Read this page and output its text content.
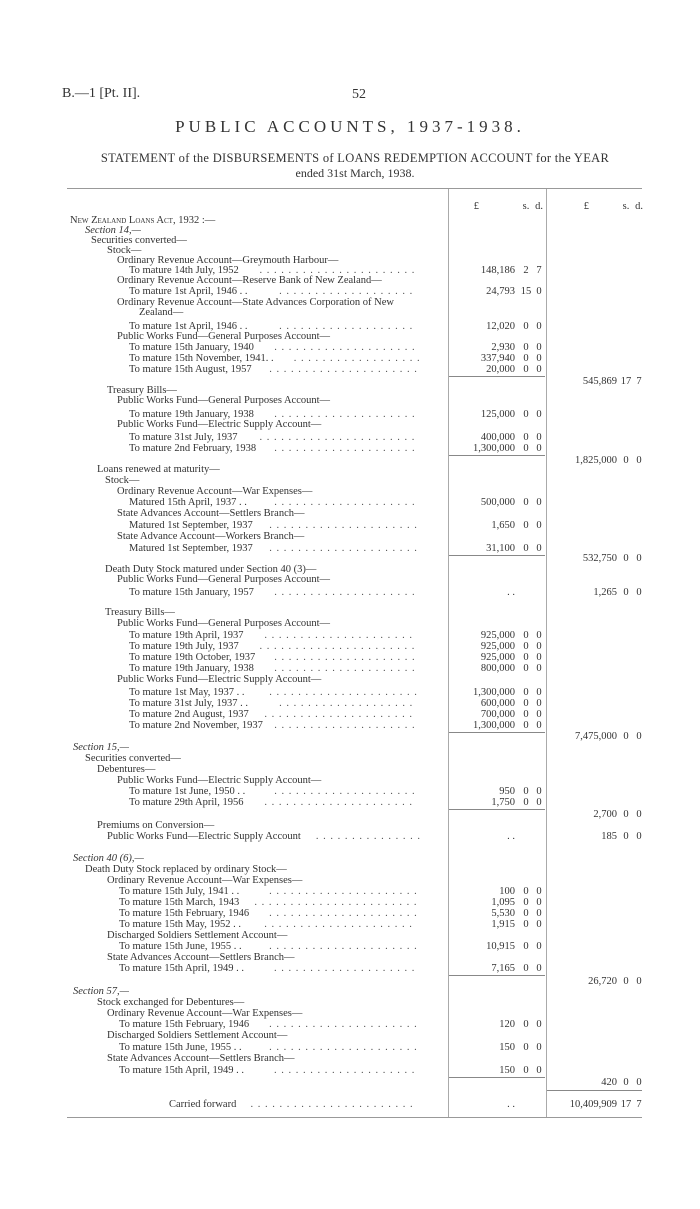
B.—1 [Pt. II].	52
PUBLIC ACCOUNTS, 1937-1938.
STATEMENT of the DISBURSEMENTS of LOANS REDEMPTION ACCOUNT for the YEAR
ended 31st March, 1938.
£	s. d.	£	s. d.
New Zealand Loans Act, 1932 :—
Section 14,—
Securities converted—
Stock—
Ordinary Revenue Account—Greymouth Harbour—
To mature 14th July, 1952 . . . . . . . . . . . . . . . . . . . . . .	148,186 2 7
Ordinary Revenue Account—Reserve Bank of New Zealand—
To mature 1st April, 1946 . .	. . . . . . . . . . . . . . . . . . .	24,793 15 0
Ordinary Revenue Account—State Advances Corporation of New
Zealand—
To mature 1st April, 1946 . .	. . . . . . . . . . . . . . . . . . .	12,020 0 0
Public Works Fund—General Purposes Account—
To mature 15th January, 1940 . . . . . . . . . . . . . . . . . . . .	2,930 0 0
To mature 15th November, 1941. . . . . . . . . . . . . . . . . . . .	337,940 0 0
To mature 15th August, 1957 . . . . . . . . . . . . . . . . . . . . .	20,000 0 0
545,869 17 7
Treasury Bills—
Public Works Fund—General Purposes Account—
To mature 19th January, 1938 . . . . . . . . . . . . . . . . . . . .	125,000 0 0
Public Works Fund—Electric Supply Account—
To mature 31st July, 1937 . . . . . . . . . . . . . . . . . . . . . .	400,000 0 0
To mature 2nd February, 1938 . . . . . . . . . . . . . . . . . . . .	1,300,000 0 0
1,825,000 0 0
Loans renewed at maturity—
Stock—
Ordinary Revenue Account—War Expenses—
Matured 15th April, 1937 . .	. . . . . . . . . . . . . . . . . . . .	500,000 0 0
State Advances Account—Settlers Branch—
Matured 1st September, 1937 . . . . . . . . . . . . . . . . . . . . .	1,650 0 0
State Advance Account—Workers Branch—
Matured 1st September, 1937 . . . . . . . . . . . . . . . . . . . . .	31,100 0 0
532,750 0 0
Death Duty Stock matured under Section 40 (3)—
Public Works Fund—General Purposes Account—
To mature 15th January, 1957 . . . . . . . . . . . . . . . . . . . .	. .	1,265 0 0
Treasury Bills—
Public Works Fund—General Purposes Account—
To mature 19th April, 1937 . . . . . . . . . . . . . . . . . . . . .	925,000 0 0
To mature 19th July, 1937 . . . . . . . . . . . . . . . . . . . . . .	925,000 0 0
To mature 19th October, 1937 . . . . . . . . . . . . . . . . . . . .	925,000 0 0
To mature 19th January, 1938 . . . . . . . . . . . . . . . . . . . .	800,000 0 0
Public Works Fund—Electric Supply Account—
To mature 1st May, 1937 . . . . . . . . . . . . . . . . . . . . . . .	1,300,000 0 0
To mature 31st July, 1937 . .	. . . . . . . . . . . . . . . . . . .	600,000 0 0
To mature 2nd August, 1937 . . . . . . . . . . . . . . . . . . . . .	700,000 0 0
To mature 2nd November, 1937 . . . . . . . . . . . . . . . . . . . .	1,300,000 0 0
7,475,000 0 0
Section 15,—
Securities converted—
Debentures—
Public Works Fund—Electric Supply Account—
To mature 1st June, 1950 . .	. . . . . . . . . . . . . . . . . . . .	950 0 0
To mature 29th April, 1956 . . . . . . . . . . . . . . . . . . . . .	1,750 0 0
2,700 0 0
Premiums on Conversion—
Public Works Fund—Electric Supply Account . . . . . . . . . . . . . . .	. .	185 0 0
Section 40 (6),—
Death Duty Stock replaced by ordinary Stock—
Ordinary Revenue Account—War Expenses—
To mature 15th July, 1941 . .	. . . . . . . . . . . . . . . . . . . . .	100 0 0
To mature 15th March, 1943 . . . . . . . . . . . . . . . . . . . . . . .	1,095 0 0
To mature 15th February, 1946 . . . . . . . . . . . . . . . . . . . . .	5,530 0 0
To mature 15th May, 1952 . . . . . . . . . . . . . . . . . . . . . . .	1,915 0 0
Discharged Soldiers Settlement Account—
To mature 15th June, 1955 . .	. . . . . . . . . . . . . . . . . . . . .	10,915 0 0
State Advances Account—Settlers Branch—
To mature 15th April, 1949 . .	. . . . . . . . . . . . . . . . . . . .	7,165 0 0
26,720 0 0
Section 57,—
Stock exchanged for Debentures—
Ordinary Revenue Account—War Expenses—
To mature 15th February, 1946 . . . . . . . . . . . . . . . . . . . . .	120 0 0
Discharged Soldiers Settlement Account—
To mature 15th June, 1955 . .	. . . . . . . . . . . . . . . . . . . . .	150 0 0
State Advances Account—Settlers Branch—
To mature 15th April, 1949 . .	. . . . . . . . . . . . . . . . . . . .	150 0 0
420 0 0
Carried forward . . . . . . . . . . . . . . . . . . . . . . .	. .	10,409,909 17 7
